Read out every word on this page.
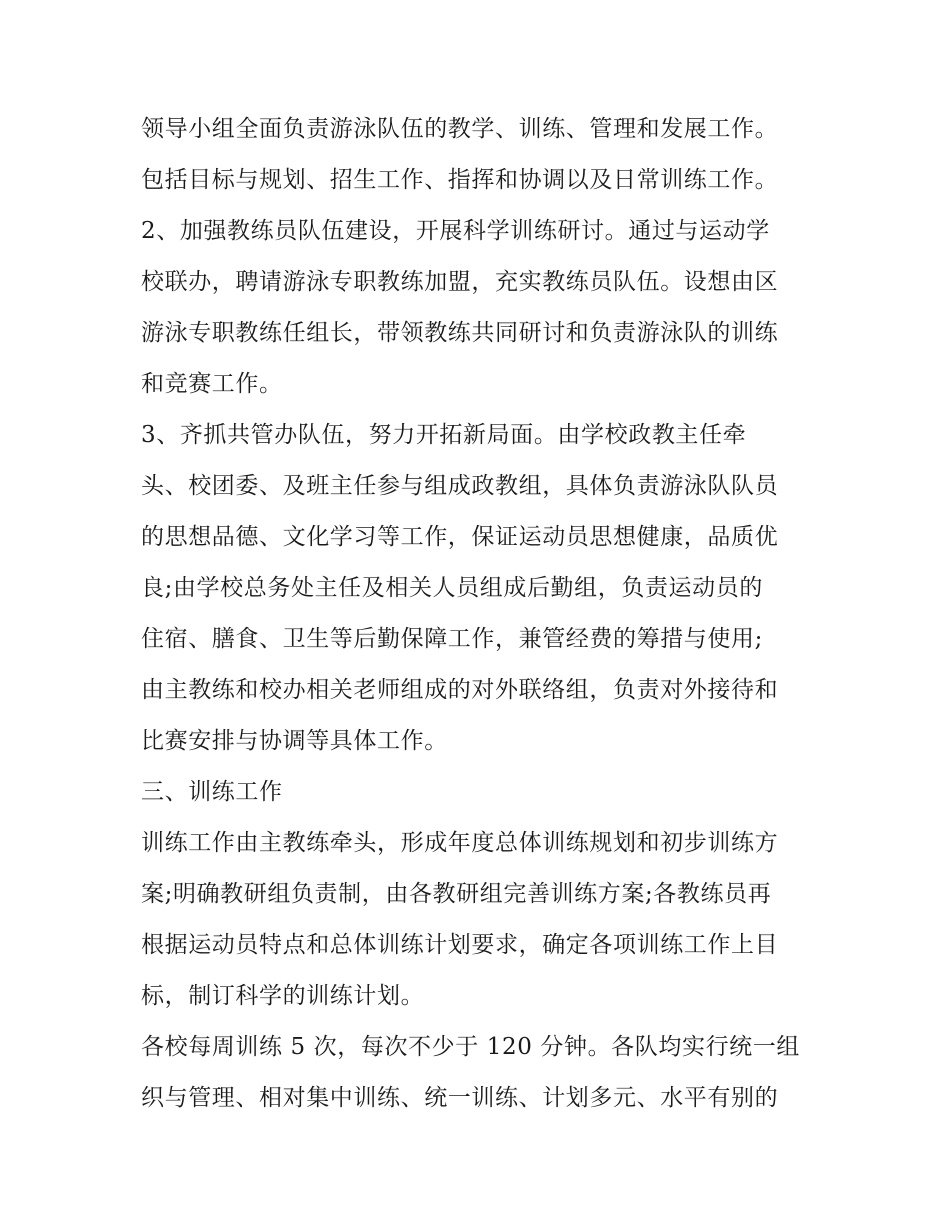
领导小组全面负责游泳队伍的教学、训练、管理和发展工作。
包括目标与规划、招生工作、指挥和协调以及日常训练工作。
2、加强教练员队伍建设，开展科学训练研讨。通过与运动学
校联办，聘请游泳专职教练加盟，充实教练员队伍。设想由区
游泳专职教练任组长，带领教练共同研讨和负责游泳队的训练
和竞赛工作。
3、齐抓共管办队伍，努力开拓新局面。由学校政教主任牵
头、校团委、及班主任参与组成政教组，具体负责游泳队队员
的思想品德、文化学习等工作，保证运动员思想健康，品质优
良;由学校总务处主任及相关人员组成后勤组，负责运动员的
住宿、膳食、卫生等后勤保障工作，兼管经费的筹措与使用;
由主教练和校办相关老师组成的对外联络组，负责对外接待和
比赛安排与协调等具体工作。
三、训练工作
训练工作由主教练牵头，形成年度总体训练规划和初步训练方
案;明确教研组负责制，由各教研组完善训练方案;各教练员再
根据运动员特点和总体训练计划要求，确定各项训练工作上目
标，制订科学的训练计划。
各校每周训练 5 次，每次不少于 120 分钟。各队均实行统一组
织与管理、相对集中训练、统一训练、计划多元、水平有别的
